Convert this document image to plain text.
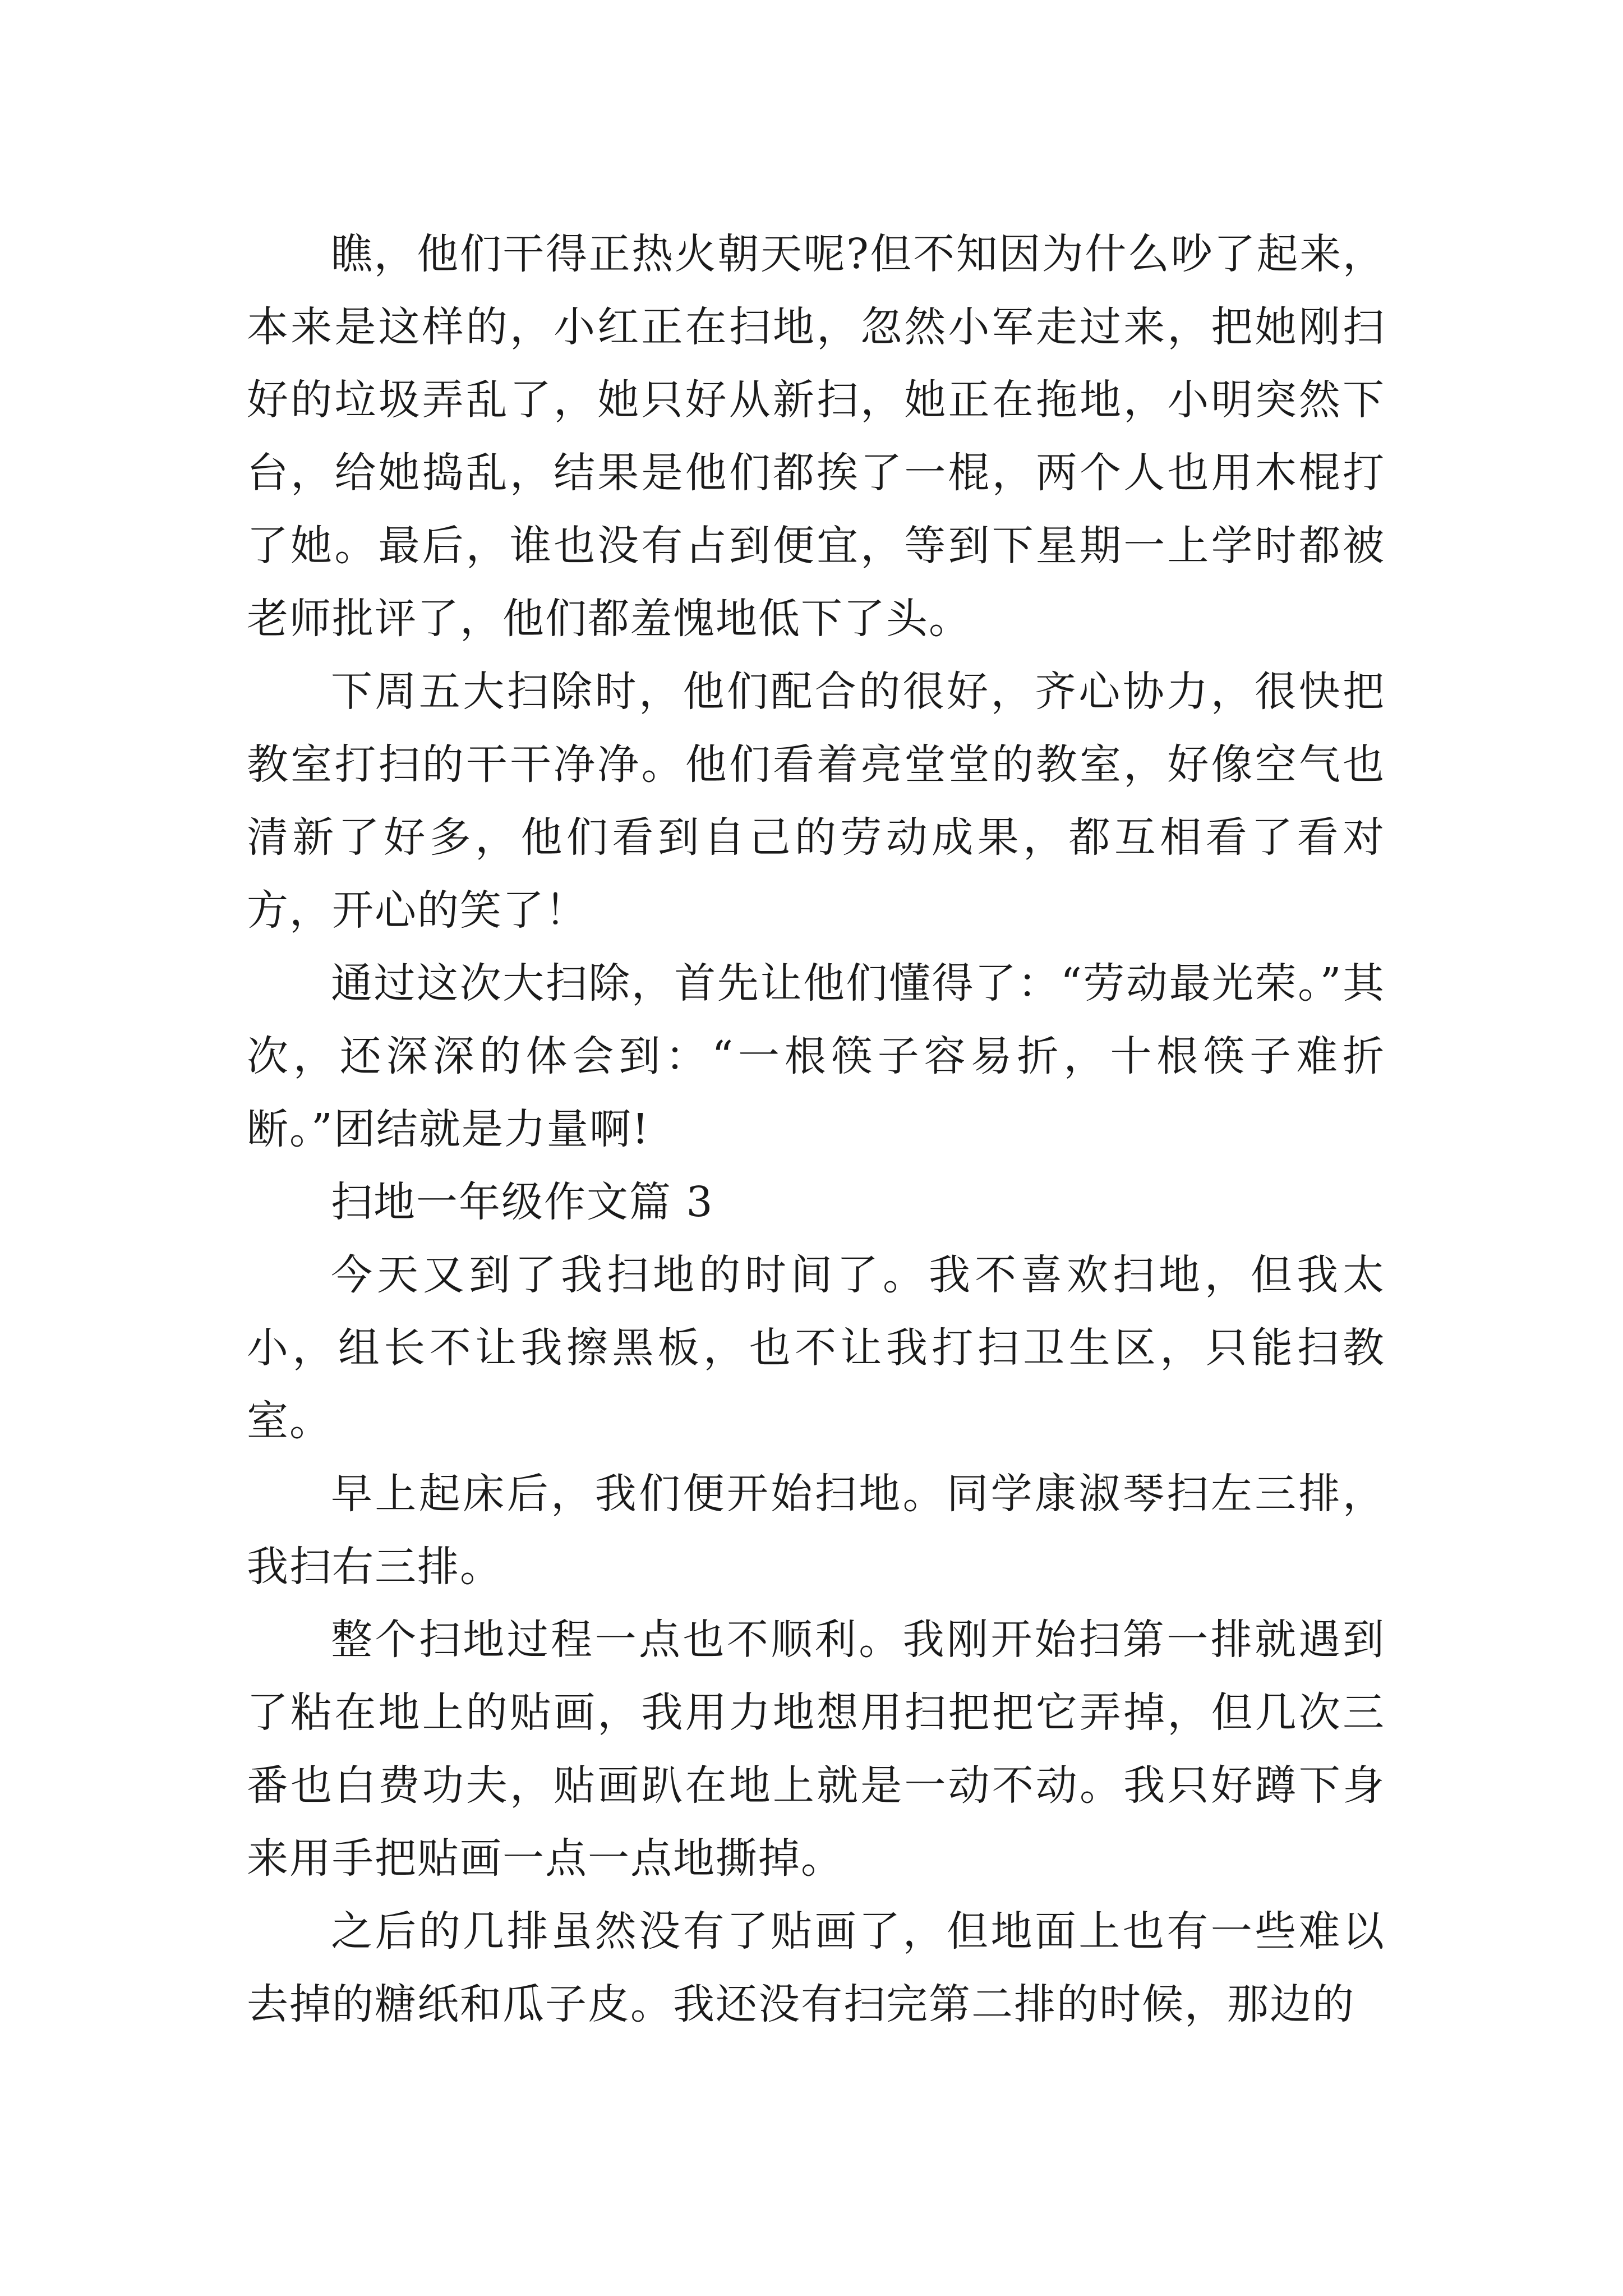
瞧，他们干得正热火朝天呢?但不知因为什么吵了起来，本来是这样的，小红正在扫地，忽然小军走过来，把她刚扫好的垃圾弄乱了，她只好从新扫，她正在拖地，小明突然下台，给她捣乱，结果是他们都挨了一棍，两个人也用木棍打了她。最后，谁也没有占到便宜，等到下星期一上学时都被老师批评了，他们都羞愧地低下了头。

下周五大扫除时，他们配合的很好，齐心协力，很快把教室打扫的干干净净。他们看着亮堂堂的教室，好像空气也清新了好多，他们看到自己的劳动成果，都互相看了看对方，开心的笑了！

通过这次大扫除，首先让他们懂得了：“劳动最光荣。”其次，还深深的体会到：“一根筷子容易折，十根筷子难折断。”团结就是力量啊!

扫地一年级作文篇 3

今天又到了我扫地的时间了。我不喜欢扫地，但我太小，组长不让我擦黑板，也不让我打扫卫生区，只能扫教室。

早上起床后，我们便开始扫地。同学康淑琴扫左三排，我扫右三排。

整个扫地过程一点也不顺利。我刚开始扫第一排就遇到了粘在地上的贴画，我用力地想用扫把把它弄掉，但几次三番也白费功夫，贴画趴在地上就是一动不动。我只好蹲下身来用手把贴画一点一点地撕掉。

之后的几排虽然没有了贴画了，但地面上也有一些难以去掉的糖纸和瓜子皮。我还没有扫完第二排的时候，那边的
